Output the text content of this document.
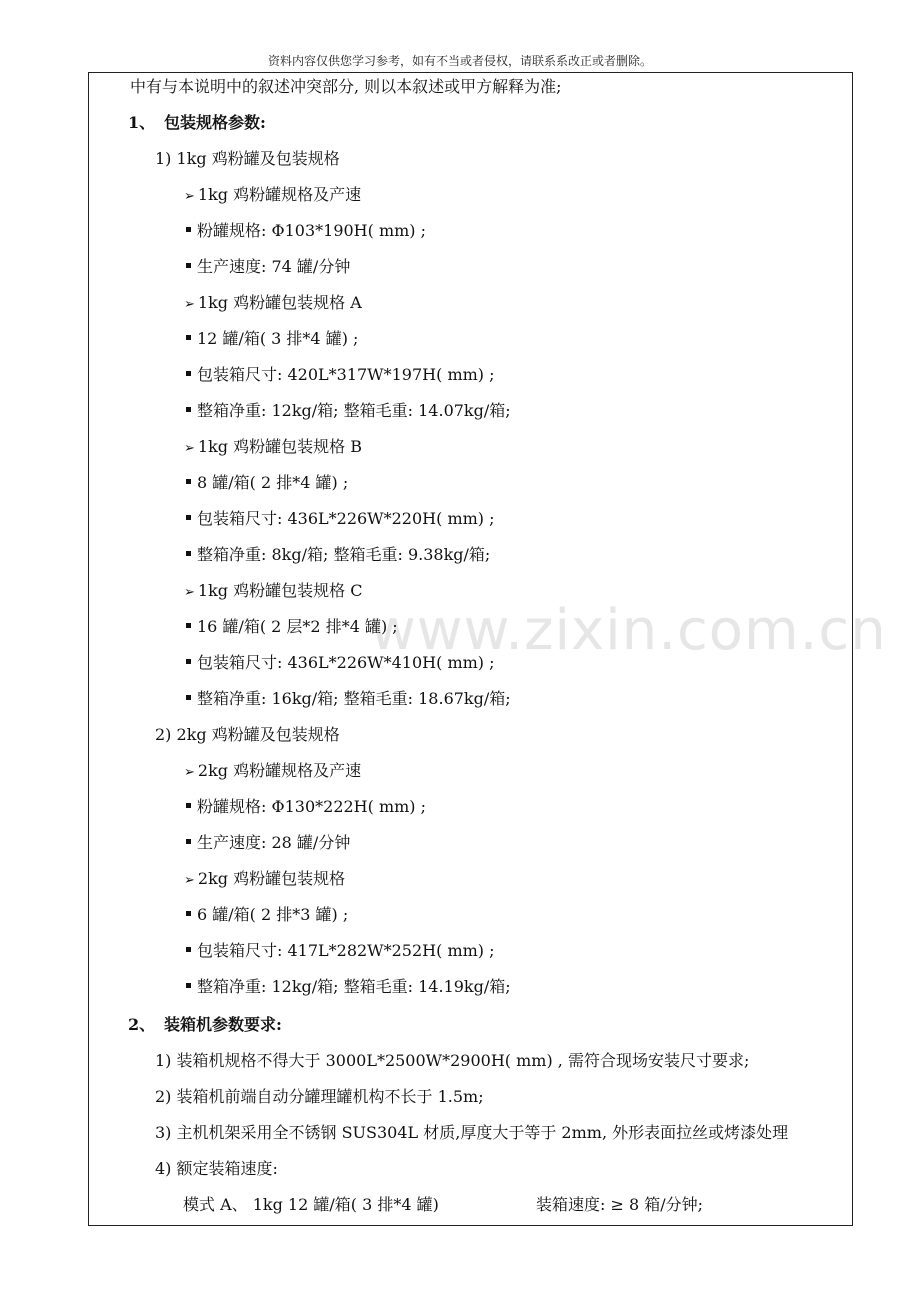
资料内容仅供您学习参考，如有不当或者侵权，请联系系改正或者删除。
www.zixin.com.cn
中有与本说明中的叙述冲突部分, 则以本叙述或甲方解释为准;
1、 包装规格参数:
1) 1kg 鸡粉罐及包装规格
➢ 1kg 鸡粉罐规格及产速
粉罐规格: Φ103*190H( mm) ;
生产速度: 74 罐/分钟
➢ 1kg 鸡粉罐包装规格 A
12 罐/箱( 3 排*4 罐) ;
包装箱尺寸: 420L*317W*197H( mm) ;
整箱净重: 12kg/箱; 整箱毛重: 14.07kg/箱;
➢ 1kg 鸡粉罐包装规格 B
8 罐/箱( 2 排*4 罐) ;
包装箱尺寸: 436L*226W*220H( mm) ;
整箱净重: 8kg/箱; 整箱毛重: 9.38kg/箱;
➢ 1kg 鸡粉罐包装规格 C
16 罐/箱( 2 层*2 排*4 罐) ;
包装箱尺寸: 436L*226W*410H( mm) ;
整箱净重: 16kg/箱; 整箱毛重: 18.67kg/箱;
2) 2kg 鸡粉罐及包装规格
➢ 2kg 鸡粉罐规格及产速
粉罐规格: Φ130*222H( mm) ;
生产速度: 28 罐/分钟
➢ 2kg 鸡粉罐包装规格
6 罐/箱( 2 排*3 罐) ;
包装箱尺寸: 417L*282W*252H( mm) ;
整箱净重: 12kg/箱; 整箱毛重: 14.19kg/箱;
2、 装箱机参数要求:
1) 装箱机规格不得大于 3000L*2500W*2900H( mm) , 需符合现场安装尺寸要求;
2) 装箱机前端自动分罐理罐机构不长于 1.5m;
3) 主机机架采用全不锈钢 SUS304L 材质,厚度大于等于 2mm, 外形表面拉丝或烤漆处理
4) 额定装箱速度:
模式 A、 1kg 12 罐/箱( 3 排*4 罐)	装箱速度: ≥ 8 箱/分钟;
